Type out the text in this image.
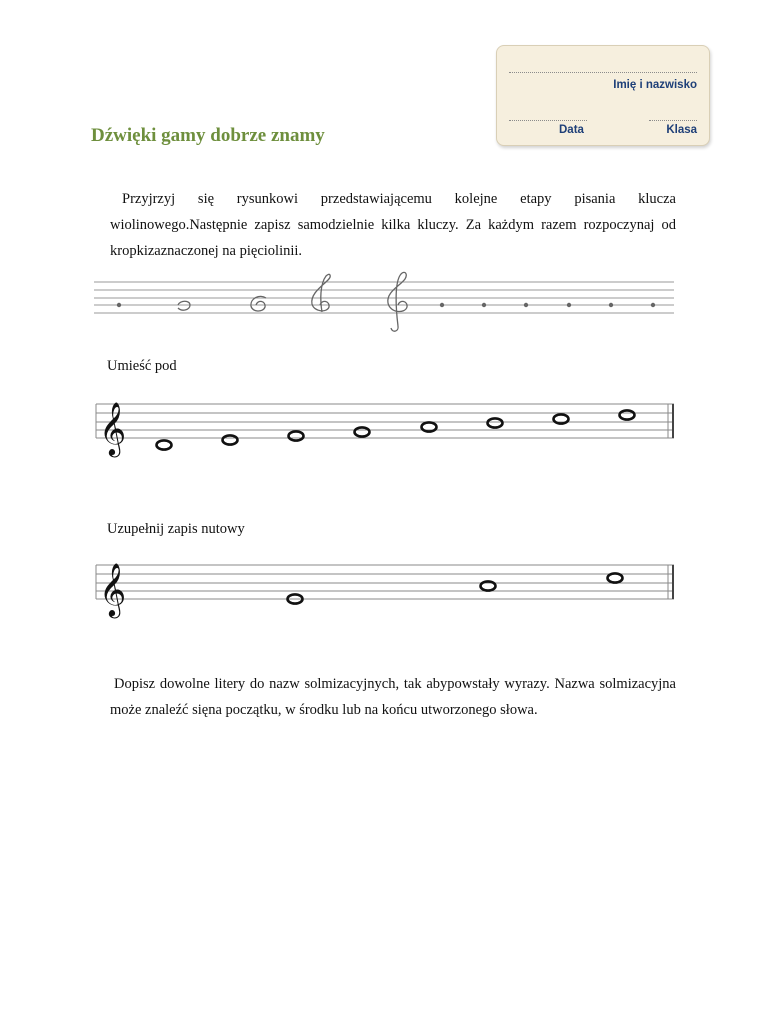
Imię i nazwisko
Data	Klasa
Dźwięki gamy dobrze znamy

Przyjrzyj się rysunkowi przedstawiającemu kolejne etapy pisania klucza wiolinowego.Następnie zapisz samodzielnie kilka kluczy. Za każdym razem rozpoczynaj od kropkizaznaczonej na pięciolinii.

Umieść pod

𝄞

Uzupełnij zapis nutowy

𝄞

Dopisz dowolne litery do nazw solmizacyjnych, tak abypowstały wyrazy. Nazwa solmizacyjna może znaleźć sięna początku, w środku lub na końcu utworzonego słowa.
